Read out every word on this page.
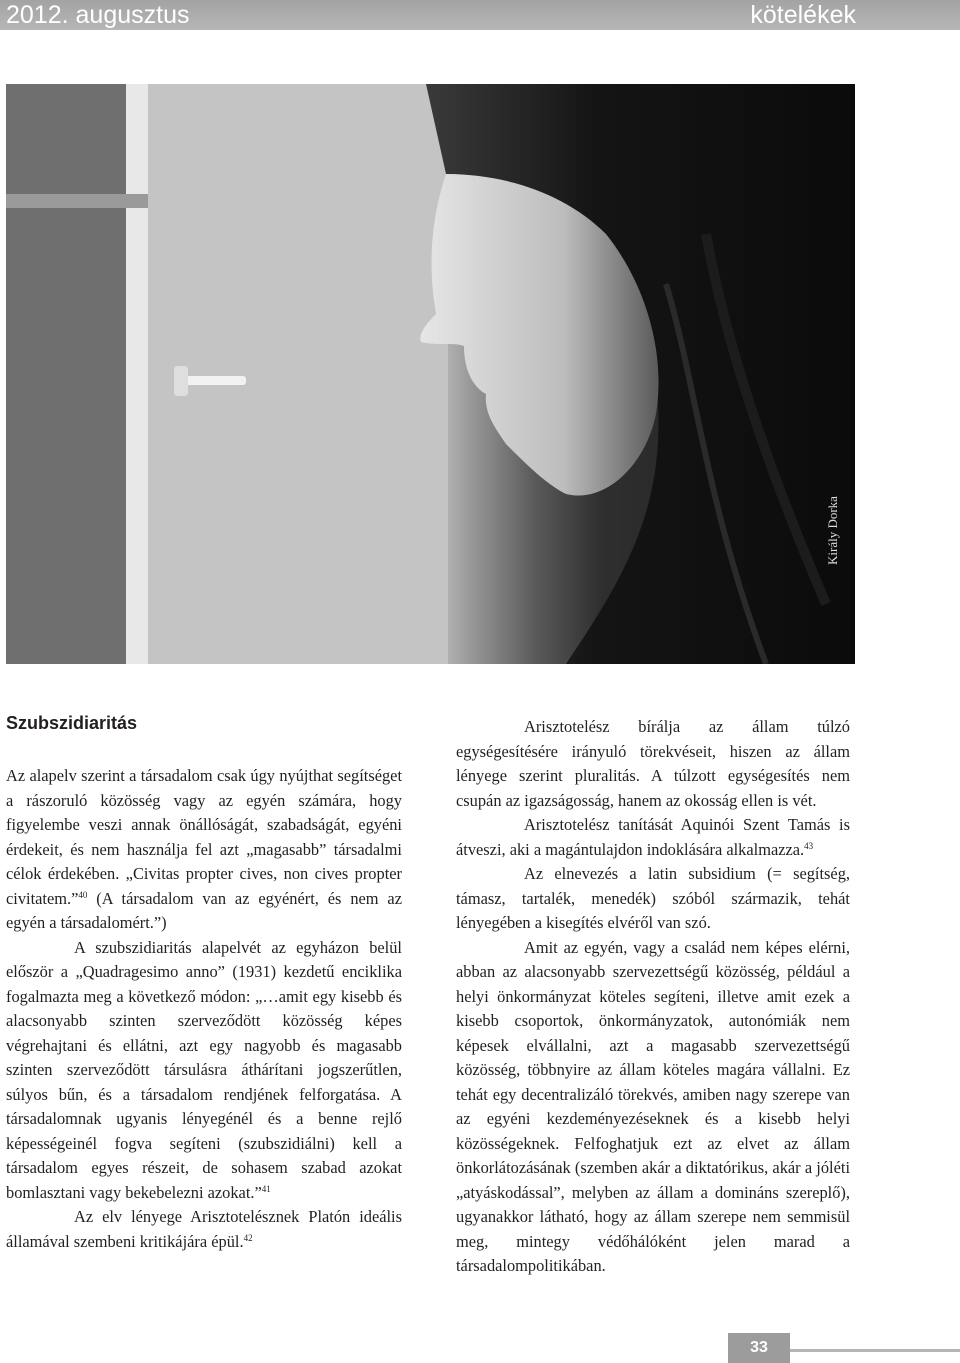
2012. augusztus	kötelékek
Király Dorka
Szubszidiaritás

Az alapelv szerint a társadalom csak úgy nyújthat segítséget a rászoruló közösség vagy az egyén számára, hogy figyelembe veszi annak önállóságát, szabadságát, egyéni érdekeit, és nem használja fel azt „magasabb” társadalmi célok érdekében. „Civitas propter cives, non cives propter civitatem.”$^{40}$ (A társadalom van az egyénért, és nem az egyén a társadalomért.”)

A szubszidiaritás alapelvét az egyházon belül először a „Quadragesimo anno” (1931) kezdetű enciklika fogalmazta meg a következő módon: „…amit egy kisebb és alacsonyabb szinten szerveződött közösség képes végrehajtani és ellátni, azt egy nagyobb és magasabb szinten szerveződött társulásra áthárítani jogszerűtlen, súlyos bűn, és a társadalom rendjének felforgatása. A társadalomnak ugyanis lényegénél és a benne rejlő képességeinél fogva segíteni (szubszidiálni) kell a társadalom egyes részeit, de sohasem szabad azokat bomlasztani vagy bekebelezni azokat.”$^{41}$

Az elv lényege Arisztotelésznek Platón ideális államával szembeni kritikájára épül.$^{42}$

Arisztotelész bírálja az állam túlzó egységesítésére irányuló törekvéseit, hiszen az állam lényege szerint pluralitás. A túlzott egységesítés nem csupán az igazságosság, hanem az okosság ellen is vét.

Arisztotelész tanítását Aquinói Szent Tamás is átveszi, aki a magántulajdon indoklására alkalmazza.$^{43}$

Az elnevezés a latin subsidium (= segítség, támasz, tartalék, menedék) szóból származik, tehát lényegében a kisegítés elvéről van szó.

Amit az egyén, vagy a család nem képes elérni, abban az alacsonyabb szervezettségű közösség, például a helyi önkormányzat köteles segíteni, illetve amit ezek a kisebb csoportok, önkormányzatok, autonómiák nem képesek elvállalni, azt a magasabb szervezettségű közösség, többnyire az állam köteles magára vállalni. Ez tehát egy decentralizáló törekvés, amiben nagy szerepe van az egyéni kezdeményezéseknek és a kisebb helyi közösségeknek. Felfoghatjuk ezt az elvet az állam önkorlátozásának (szemben akár a diktatórikus, akár a jóléti „atyáskodással”, melyben az állam a domináns szereplő), ugyanakkor látható, hogy az állam szerepe nem semmisül meg, mintegy védőhálóként jelen marad a társadalompolitikában.

33
